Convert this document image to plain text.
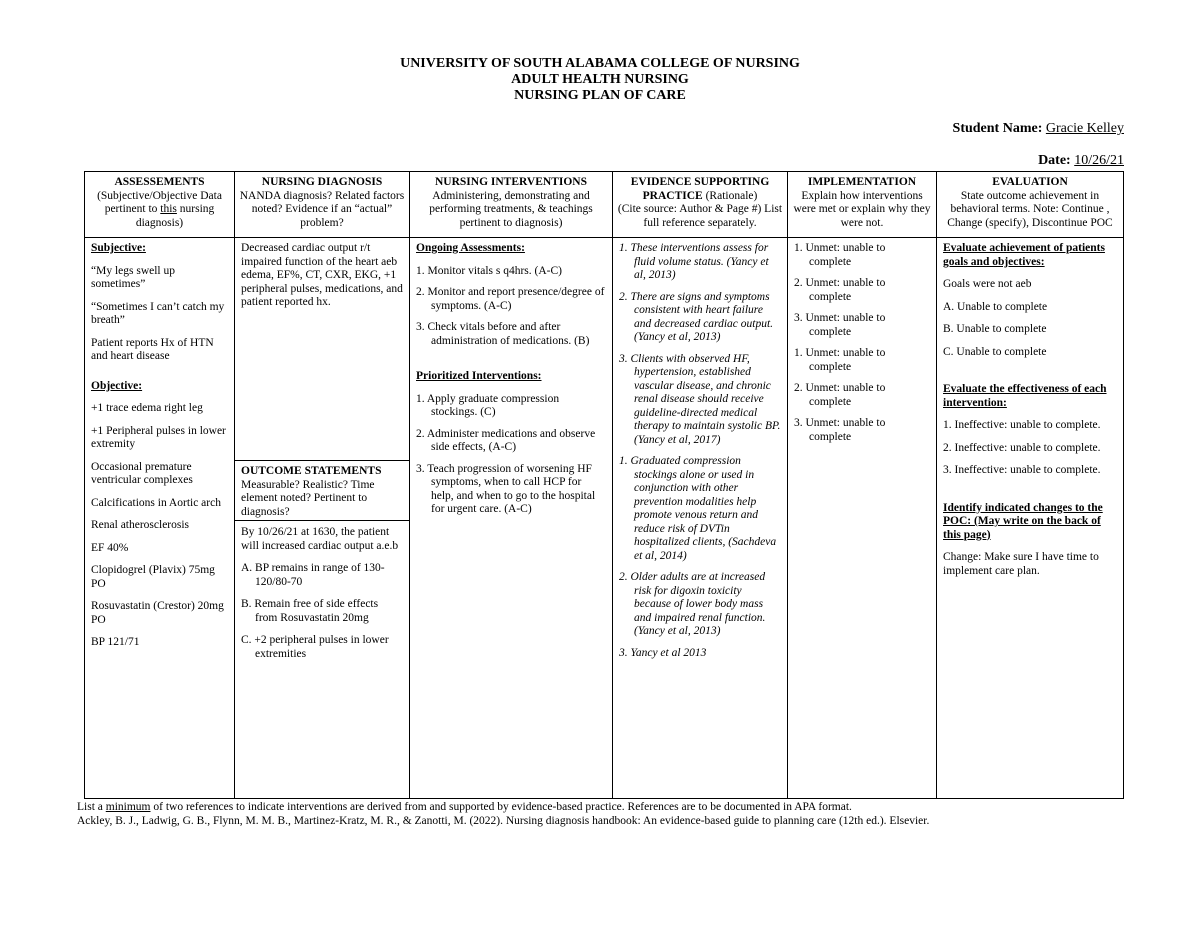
UNIVERSITY OF SOUTH ALABAMA COLLEGE OF NURSING
ADULT HEALTH NURSING
NURSING PLAN OF CARE
Student Name: Gracie Kelley
Date: 10/26/21
ASSESSEMENTS
(Subjective/Objective Data pertinent to this nursing diagnosis)

Subjective:

“My legs swell up sometimes”

“Sometimes I can’t catch my breath”

Patient reports Hx of HTN and heart disease

Objective:

+1 trace edema right leg

+1 Peripheral pulses in lower extremity

Occasional premature ventricular complexes

Calcifications in Aortic arch

Renal atherosclerosis

EF 40%

Clopidogrel (Plavix) 75mg PO

Rosuvastatin (Crestor) 20mg PO

BP 121/71

NURSING DIAGNOSIS
NANDA diagnosis? Related factors noted? Evidence if an “actual” problem?

Decreased cardiac output r/t impaired function of the heart aeb edema, EF%, CT, CXR, EKG, +1 peripheral pulses, medications, and patient reported hx.

OUTCOME STATEMENTS
Measurable? Realistic? Time element noted? Pertinent to diagnosis?

By 10/26/21 at 1630, the patient will increased cardiac output a.e.b

A. BP remains in range of 130-120/80-70

B. Remain free of side effects from Rosuvastatin 20mg

C. +2 peripheral pulses in lower extremities

NURSING INTERVENTIONS
Administering, demonstrating and performing treatments, & teachings pertinent to diagnosis)

Ongoing Assessments:

1. Monitor vitals s q4hrs. (A-C)
2. Monitor and report presence/degree of symptoms. (A-C)
3. Check vitals before and after administration of medications. (B)

Prioritized Interventions:

1. Apply graduate compression stockings. (C)
2. Administer medications and observe side effects, (A-C)
3. Teach progression of worsening HF symptoms, when to call HCP for help, and when to go to the hospital for urgent care. (A-C)
EVIDENCE SUPPORTING PRACTICE (Rationale)
(Cite source: Author & Page #) List full reference separately.
1. These interventions assess for fluid volume status. (Yancy et al, 2013)
2. There are signs and symptoms consistent with heart failure and decreased cardiac output. (Yancy et al, 2013)
3. Clients with observed HF, hypertension, established vascular disease, and chronic renal disease should receive guideline-directed medical therapy to maintain systolic BP. (Yancy et al, 2017)
1. Graduated compression stockings alone or used in conjunction with other prevention modalities help promote venous return and reduce risk of DVTin hospitalized clients, (Sachdeva et al, 2014)
2. Older adults are at increased risk for digoxin toxicity because of lower body mass and impaired renal function. (Yancy et al, 2013)
3. Yancy et al 2013
IMPLEMENTATION
Explain how interventions were met or explain why they were not.
1. Unmet: unable to complete
2. Unmet: unable to complete
3. Unmet: unable to complete
1. Unmet: unable to complete
2. Unmet: unable to complete
3. Unmet: unable to complete
EVALUATION
State outcome achievement in behavioral terms. Note: Continue , Change (specify), Discontinue POC

Evaluate achievement of patients goals and objectives:

Goals were not aeb

A. Unable to complete

B. Unable to complete

C. Unable to complete

Evaluate the effectiveness of each intervention:

1. Ineffective: unable to complete.

2. Ineffective: unable to complete.

3. Ineffective: unable to complete.

Identify indicated changes to the POC: (May write on the back of this page)

Change: Make sure I have time to implement care plan.

List a minimum of two references to indicate interventions are derived from and supported by evidence-based practice. References are to be documented in APA format.
Ackley, B. J., Ladwig, G. B., Flynn, M. M. B., Martinez-Kratz, M. R., & Zanotti, M. (2022). Nursing diagnosis handbook: An evidence-based guide to planning care (12th ed.). Elsevier.
